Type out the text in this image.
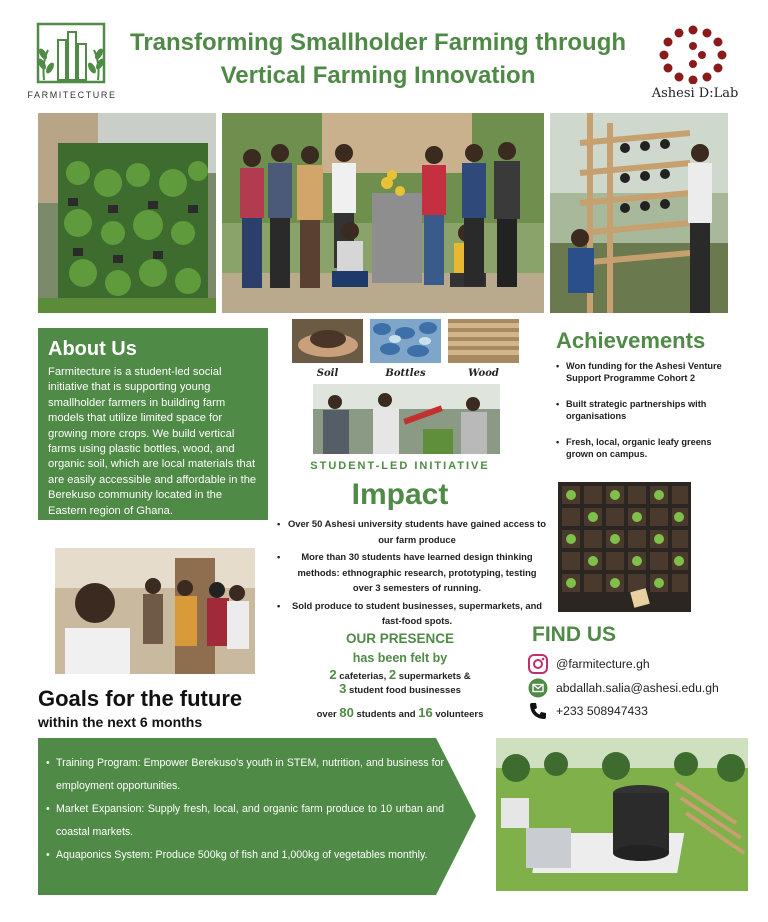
FARMITECTURE
Transforming Smallholder Farming through
Vertical Farming Innovation
Ashesi D:Lab
About Us

Farmitecture is a student-led social initiative that is supporting young smallholder farmers in building farm models that utilize limited space for growing more crops. We build vertical farms using plastic bottles, wood, and organic soil, which are local materials that are easily accessible and affordable in the Berekuso community located in the Eastern region of Ghana.

Soil	Bottles	Wood
STUDENT-LED INITIATIVE
Impact
• Over 50 Ashesi university students have gained access to our farm produce
• More than 30 students have learned design thinking methods: ethnographic research, prototyping, testing over 3 semesters of running.
• Sold produce to student businesses, supermarkets, and fast-food spots.
OUR PRESENCE
has been felt by
2 cafeterias, 2 supermarkets &
3 student food businesses
over 80 students and 16 volunteers
Achievements
• Won funding for the Ashesi Venture Support Programme Cohort 2
• Built strategic partnerships with organisations
• Fresh, local, organic leafy greens grown on campus.
FIND US
@farmitecture.gh
abdallah.salia@ashesi.edu.gh
+233 508947433
Goals for the future
within the next 6 months
• Training Program: Empower Berekuso's youth in STEM, nutrition, and business for employment opportunities.
• Market Expansion: Supply fresh, local, and organic farm produce to 10 urban and coastal markets.
• Aquaponics System: Produce 500kg of fish and 1,000kg of vegetables monthly.
